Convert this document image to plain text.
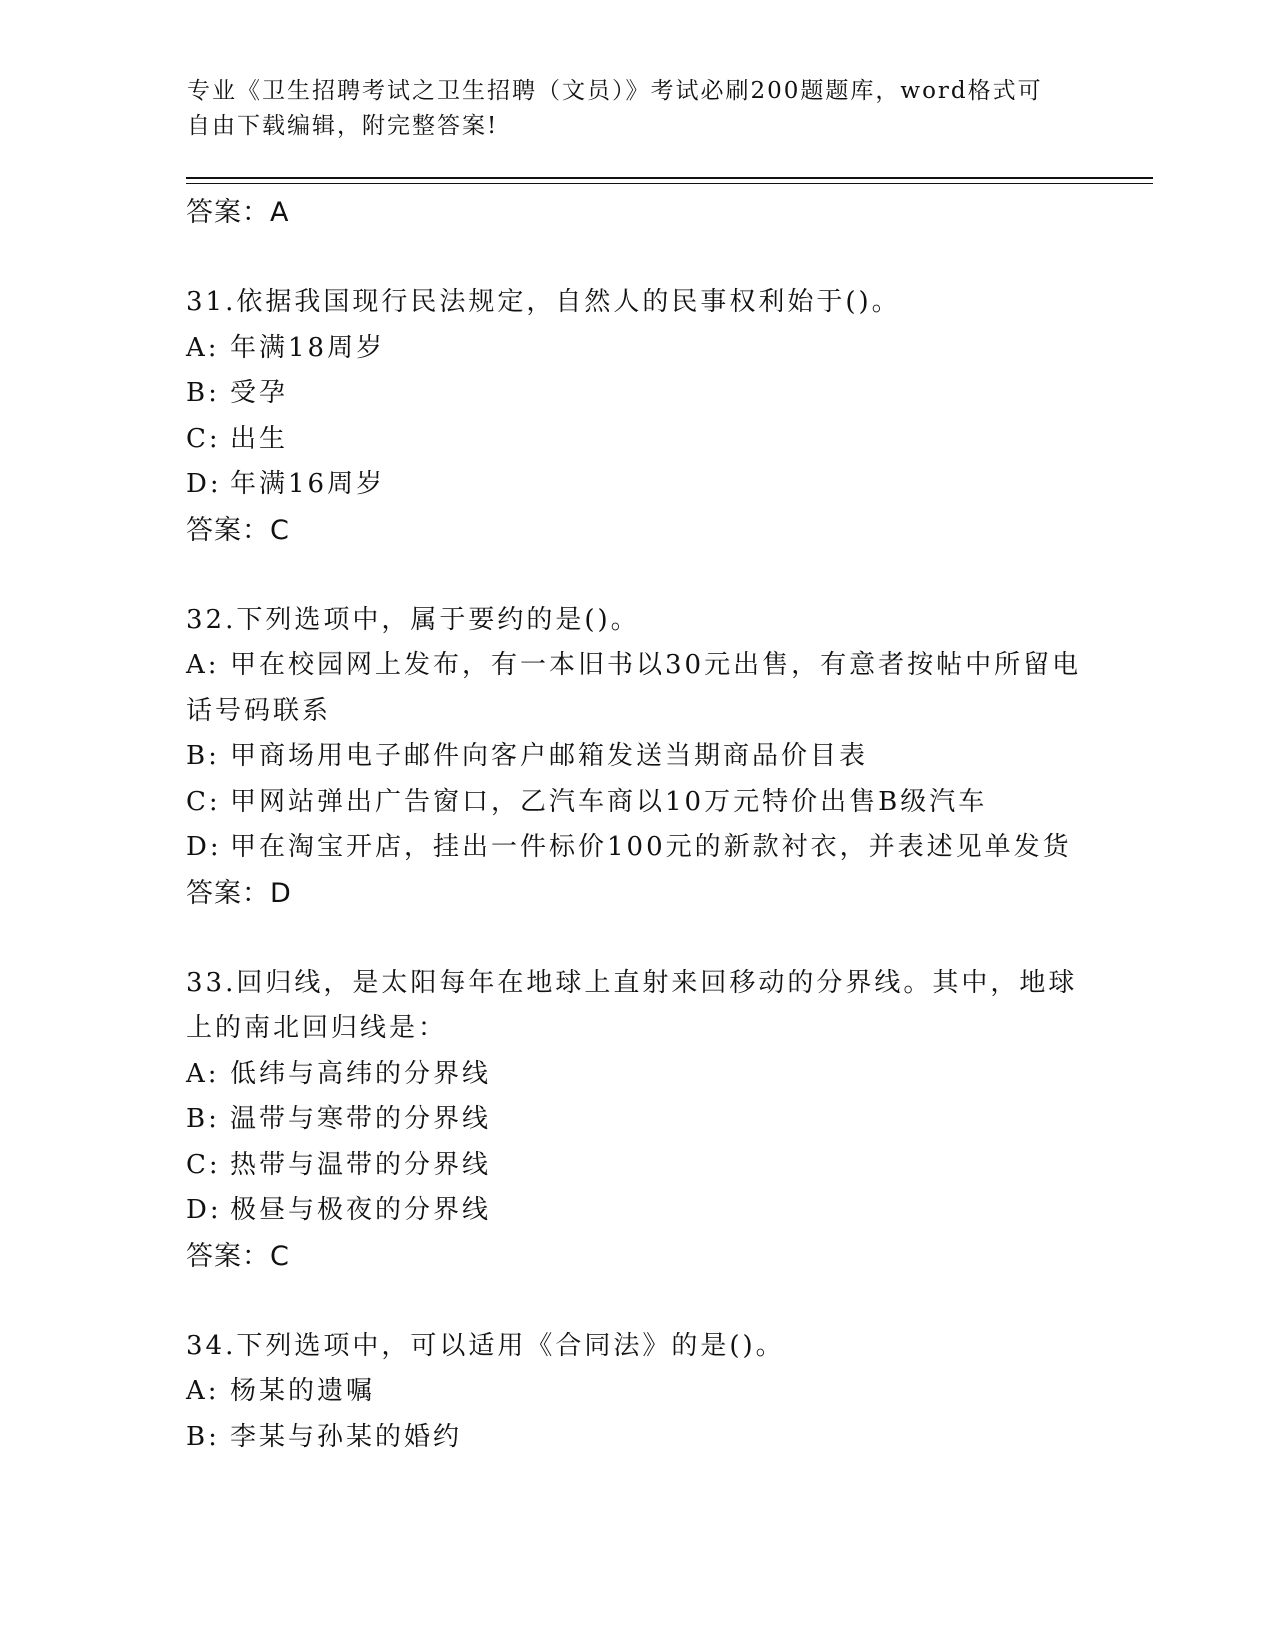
专业《卫生招聘考试之卫生招聘（文员）》考试必刷200题题库，word格式可自由下载编辑，附完整答案!

答案：A

31.依据我国现行民法规定，自然人的民事权利始于()。

A: 年满18周岁

B: 受孕

C: 出生

D: 年满16周岁

答案：C

32.下列选项中，属于要约的是()。

A: 甲在校园网上发布，有一本旧书以30元出售，有意者按帖中所留电话号码联系

B: 甲商场用电子邮件向客户邮箱发送当期商品价目表

C: 甲网站弹出广告窗口，乙汽车商以10万元特价出售B级汽车

D: 甲在淘宝开店，挂出一件标价100元的新款衬衣，并表述见单发货

答案：D

33.回归线，是太阳每年在地球上直射来回移动的分界线。其中，地球上的南北回归线是：

A: 低纬与高纬的分界线

B: 温带与寒带的分界线

C: 热带与温带的分界线

D: 极昼与极夜的分界线

答案：C

34.下列选项中，可以适用《合同法》的是()。

A: 杨某的遗嘱

B: 李某与孙某的婚约
